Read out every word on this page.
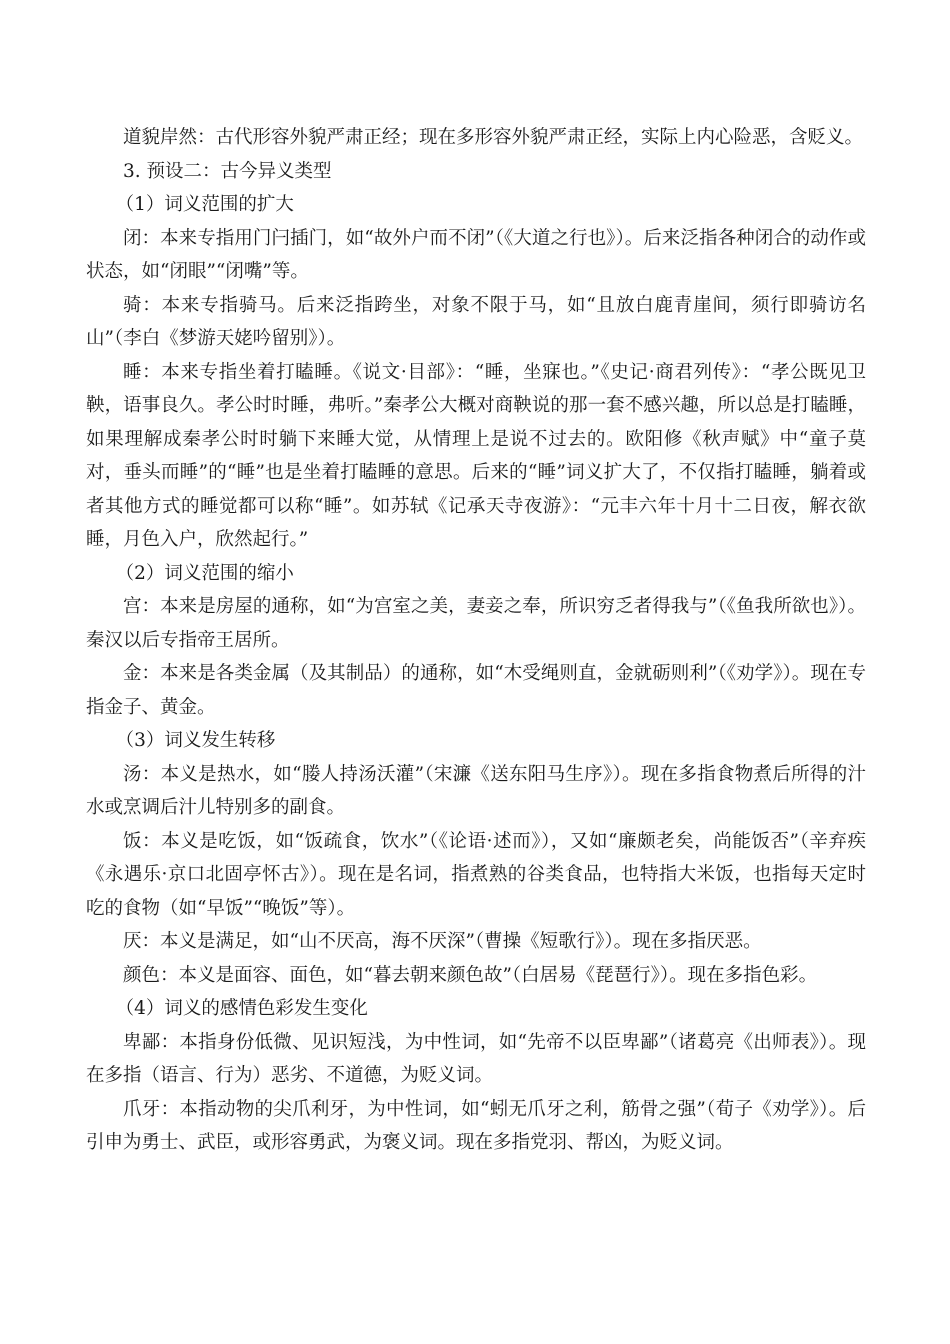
道貌岸然：古代形容外貌严肃正经；现在多形容外貌严肃正经，实际上内心险恶，含贬义。

3. 预设二：古今异义类型

（1）词义范围的扩大

闭：本来专指用门闩插门，如“故外户而不闭”（《大道之行也》）。后来泛指各种闭合的动作或状态，如“闭眼”“闭嘴”等。

骑：本来专指骑马。后来泛指跨坐，对象不限于马，如“且放白鹿青崖间，须行即骑访名山”（李白《梦游天姥吟留别》）。

睡：本来专指坐着打瞌睡。《说文·目部》：“睡，坐寐也。”《史记·商君列传》：“孝公既见卫鞅，语事良久。孝公时时睡，弗听。”秦孝公大概对商鞅说的那一套不感兴趣，所以总是打瞌睡，如果理解成秦孝公时时躺下来睡大觉，从情理上是说不过去的。欧阳修《秋声赋》中“童子莫对，垂头而睡”的“睡”也是坐着打瞌睡的意思。后来的“睡”词义扩大了，不仅指打瞌睡，躺着或者其他方式的睡觉都可以称“睡”。如苏轼《记承天寺夜游》：“元丰六年十月十二日夜，解衣欲睡，月色入户，欣然起行。”

（2）词义范围的缩小

宫：本来是房屋的通称，如“为宫室之美，妻妾之奉，所识穷乏者得我与”（《鱼我所欲也》）。秦汉以后专指帝王居所。

金：本来是各类金属（及其制品）的通称，如“木受绳则直，金就砺则利”（《劝学》）。现在专指金子、黄金。

（3）词义发生转移

汤：本义是热水，如“媵人持汤沃灌”（宋濂《送东阳马生序》）。现在多指食物煮后所得的汁水或烹调后汁儿特别多的副食。

饭：本义是吃饭，如“饭疏食，饮水”（《论语·述而》），又如“廉颇老矣，尚能饭否”（辛弃疾《永遇乐·京口北固亭怀古》）。现在是名词，指煮熟的谷类食品，也特指大米饭，也指每天定时吃的食物（如“早饭”“晚饭”等）。

厌：本义是满足，如“山不厌高，海不厌深”（曹操《短歌行》）。现在多指厌恶。

颜色：本义是面容、面色，如“暮去朝来颜色故”（白居易《琵琶行》）。现在多指色彩。

（4）词义的感情色彩发生变化

卑鄙：本指身份低微、见识短浅，为中性词，如“先帝不以臣卑鄙”（诸葛亮《出师表》）。现在多指（语言、行为）恶劣、不道德，为贬义词。

爪牙：本指动物的尖爪利牙，为中性词，如“蚓无爪牙之利，筋骨之强”（荀子《劝学》）。后引申为勇士、武臣，或形容勇武，为褒义词。现在多指党羽、帮凶，为贬义词。
